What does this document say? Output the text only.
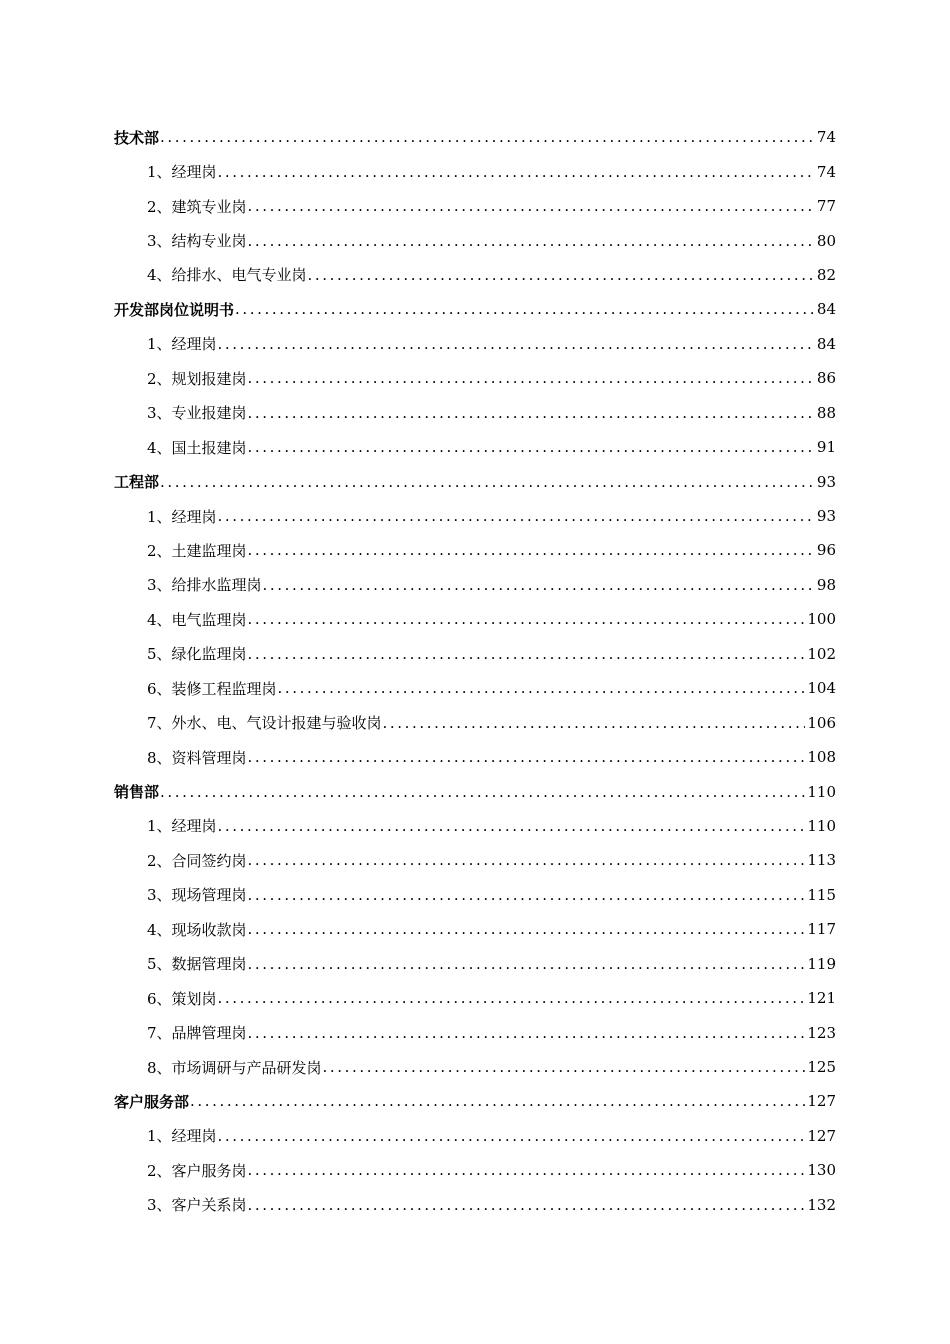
技术部 .....	74
1、经理岗 .....	74
2、建筑专业岗 .....	77
3、结构专业岗 .....	80
4、给排水、电气专业岗 .....	82
开发部岗位说明书 .....	84
1、经理岗 .....	84
2、规划报建岗 .....	86
3、专业报建岗 .....	88
4、国土报建岗 .....	91
工程部 .....	93
1、经理岗 .....	93
2、土建监理岗 .....	96
3、给排水监理岗 .....	98
4、电气监理岗 .....	100
5、绿化监理岗 .....	102
6、装修工程监理岗 .....	104
7、外水、电、气设计报建与验收岗 .....	106
8、资料管理岗 .....	108
销售部 .....	110
1、经理岗 .....	110
2、合同签约岗 .....	113
3、现场管理岗 .....	115
4、现场收款岗 .....	117
5、数据管理岗 .....	119
6、策划岗 .....	121
7、品牌管理岗 .....	123
8、市场调研与产品研发岗 .....	125
客户服务部 .....	127
1、经理岗 .....	127
2、客户服务岗 .....	130
3、客户关系岗 .....	132
